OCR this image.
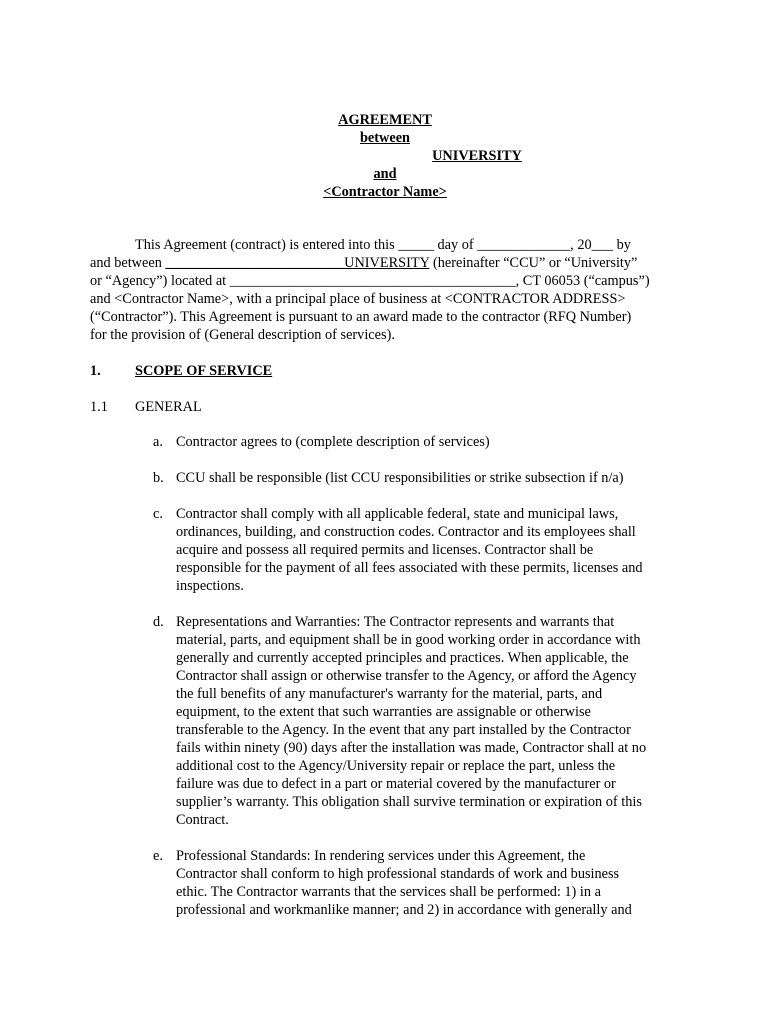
AGREEMENT
between
UNIVERSITY
and
<Contractor Name>

This Agreement (contract) is entered into this _____ day of _____________, 20___ by

and between _________________________UNIVERSITY (hereinafter “CCU” or “University”

or “Agency”) located at ________________________________________, CT 06053 (“campus”)

and <Contractor Name>, with a principal place of business at <CONTRACTOR ADDRESS>

(“Contractor”). This Agreement is pursuant to an award made to the contractor (RFQ Number)

for the provision of (General description of services).

1. SCOPE OF SERVICE
1.1 GENERAL
a. Contractor agrees to (complete description of services)
b. CCU shall be responsible (list CCU responsibilities or strike subsection if n/a)
c. Contractor shall comply with all applicable federal, state and municipal laws,
ordinances, building, and construction codes. Contractor and its employees shall
acquire and possess all required permits and licenses. Contractor shall be
responsible for the payment of all fees associated with these permits, licenses and
inspections.
d. Representations and Warranties: The Contractor represents and warrants that
material, parts, and equipment shall be in good working order in accordance with
generally and currently accepted principles and practices. When applicable, the
Contractor shall assign or otherwise transfer to the Agency, or afford the Agency
the full benefits of any manufacturer's warranty for the material, parts, and
equipment, to the extent that such warranties are assignable or otherwise
transferable to the Agency. In the event that any part installed by the Contractor
fails within ninety (90) days after the installation was made, Contractor shall at no
additional cost to the Agency/University repair or replace the part, unless the
failure was due to defect in a part or material covered by the manufacturer or
supplier’s warranty. This obligation shall survive termination or expiration of this
Contract.
e. Professional Standards: In rendering services under this Agreement, the
Contractor shall conform to high professional standards of work and business
ethic. The Contractor warrants that the services shall be performed: 1) in a
professional and workmanlike manner; and 2) in accordance with generally and
